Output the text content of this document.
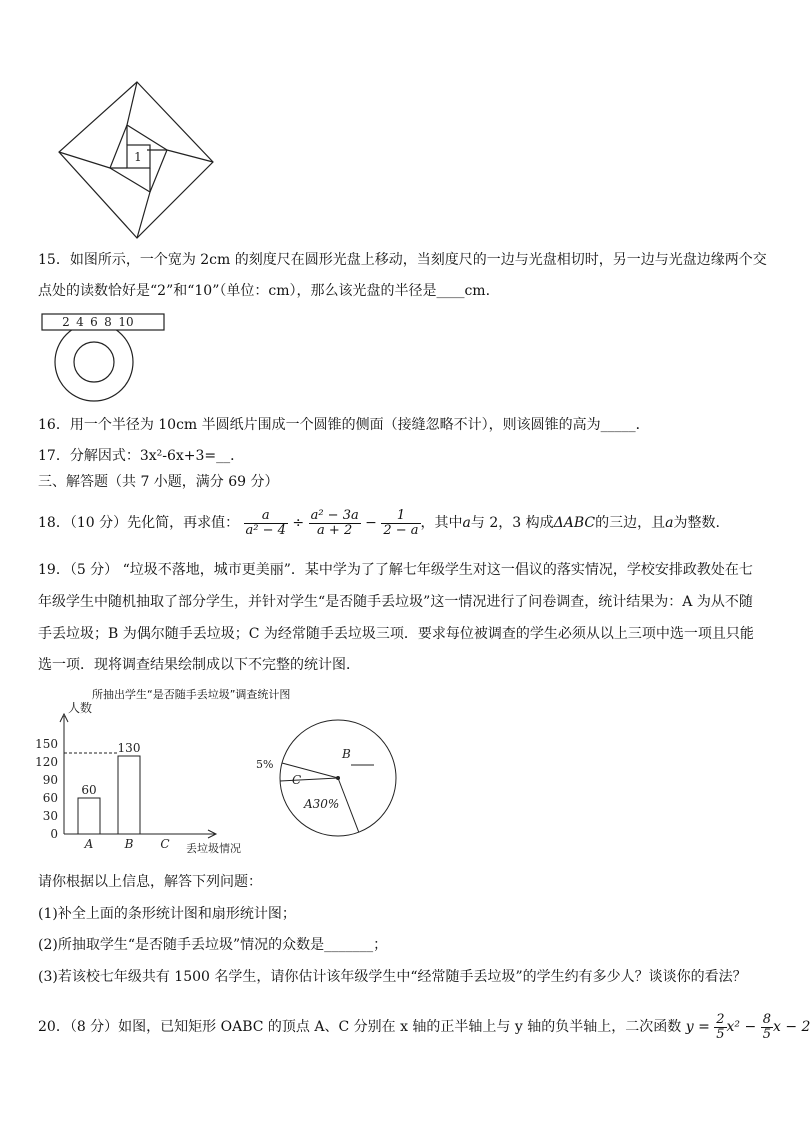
1
15．如图所示，一个宽为 2cm 的刻度尺在圆形光盘上移动，当刻度尺的一边与光盘相切时，另一边与光盘边缘两个交
点处的读数恰好是“2”和“10”（单位：cm），那么该光盘的半径是____cm.
2 4 6 8 10
16．用一个半径为 10cm 半圆纸片围成一个圆锥的侧面（接缝忽略不计），则该圆锥的高为_____．
17．分解因式：3x²-6x+3=__．
三、解答题（共 7 小题，满分 69 分）
18．（10 分）先化简，再求值： $\frac{a}{\text{a² − 4}} \div \frac{\text{a² − 3a}}{a + 2} - \frac{1}{2 - a}$ ，其中a与 2，3 构成ΔABC的三边，且a为整数.
19．（5 分） “垃圾不落地，城市更美丽”．某中学为了了解七年级学生对这一倡议的落实情况，学校安排政教处在七
年级学生中随机抽取了部分学生，并针对学生“是否随手丢垃圾”这一情况进行了问卷调查，统计结果为：A 为从不随
手丢垃圾；B 为偶尔随手丢垃圾；C 为经常随手丢垃圾三项．要求每位被调查的学生必须从以上三项中选一项且只能
选一项．现将调查结果绘制成以下不完整的统计图．
所抽出学生“是否随手丢垃圾”调查统计图
人数
丢垃圾情况
0
30
60
90
120
150
A
60
B
130
C
A30%
B
C
5%
请你根据以上信息，解答下列问题：
(1)补全上面的条形统计图和扇形统计图；
(2)所抽取学生“是否随手丢垃圾”情况的众数是_______；
(3)若该校七年级共有 1500 名学生，请你估计该年级学生中“经常随手丢垃圾”的学生约有多少人？谈谈你的看法？
20．（8 分）如图，已知矩形 OABC 的顶点 A、C 分别在 x 轴的正半轴上与 y 轴的负半轴上，二次函数 $y = \frac{2}{5} x^2 - \frac{8}{5}$ x − 2
